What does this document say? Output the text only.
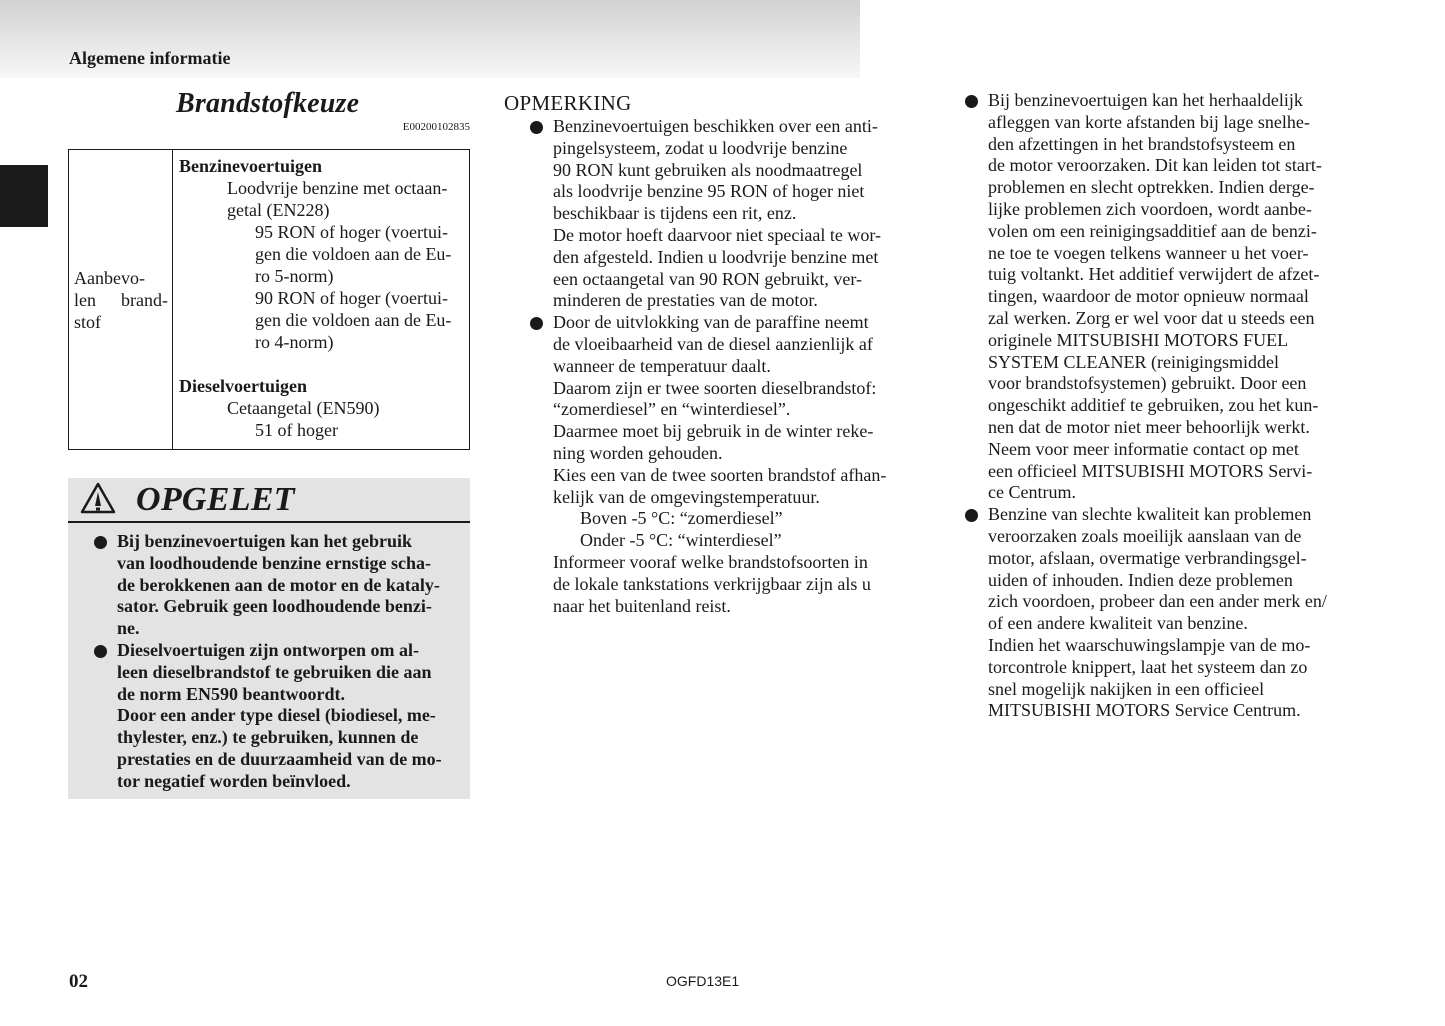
Algemene informatie
Brandstofkeuze
E00200102835
Aanbevo-
len brand-
stof
Benzinevoertuigen
Loodvrije benzine met octaan-
getal (EN228)
95 RON of hoger (voertui-
gen die voldoen aan de Eu-
ro 5-norm)
90 RON of hoger (voertui-
gen die voldoen aan de Eu-
ro 4-norm)
Dieselvoertuigen
Cetaangetal (EN590)
51 of hoger
OPGELET
Bij benzinevoertuigen kan het gebruik
van loodhoudende benzine ernstige scha-
de berokkenen aan de motor en de kataly-
sator. Gebruik geen loodhoudende benzi-
ne.
Dieselvoertuigen zijn ontworpen om al-
leen dieselbrandstof te gebruiken die aan
de norm EN590 beantwoordt.
Door een ander type diesel (biodiesel, me-
thylester, enz.) te gebruiken, kunnen de
prestaties en de duurzaamheid van de mo-
tor negatief worden beïnvloed.
OPMERKING
Benzinevoertuigen beschikken over een anti-
pingelsysteem, zodat u loodvrije benzine
90 RON kunt gebruiken als noodmaatregel
als loodvrije benzine 95 RON of hoger niet
beschikbaar is tijdens een rit, enz.
De motor hoeft daarvoor niet speciaal te wor-
den afgesteld. Indien u loodvrije benzine met
een octaangetal van 90 RON gebruikt, ver-
minderen de prestaties van de motor.
Door de uitvlokking van de paraffine neemt
de vloeibaarheid van de diesel aanzienlijk af
wanneer de temperatuur daalt.
Daarom zijn er twee soorten dieselbrandstof:
“zomerdiesel” en “winterdiesel”.
Daarmee moet bij gebruik in de winter reke-
ning worden gehouden.
Kies een van de twee soorten brandstof afhan-
kelijk van de omgevingstemperatuur.
Boven -5 °C: “zomerdiesel”
Onder -5 °C: “winterdiesel”
Informeer vooraf welke brandstofsoorten in
de lokale tankstations verkrijgbaar zijn als u
naar het buitenland reist.
Bij benzinevoertuigen kan het herhaaldelijk
afleggen van korte afstanden bij lage snelhe-
den afzettingen in het brandstofsysteem en
de motor veroorzaken. Dit kan leiden tot start-
problemen en slecht optrekken. Indien derge-
lijke problemen zich voordoen, wordt aanbe-
volen om een reinigingsadditief aan de benzi-
ne toe te voegen telkens wanneer u het voer-
tuig voltankt. Het additief verwijdert de afzet-
tingen, waardoor de motor opnieuw normaal
zal werken. Zorg er wel voor dat u steeds een
originele MITSUBISHI MOTORS FUEL
SYSTEM CLEANER (reinigingsmiddel
voor brandstofsystemen) gebruikt. Door een
ongeschikt additief te gebruiken, zou het kun-
nen dat de motor niet meer behoorlijk werkt.
Neem voor meer informatie contact op met
een officieel MITSUBISHI MOTORS Servi-
ce Centrum.
Benzine van slechte kwaliteit kan problemen
veroorzaken zoals moeilijk aanslaan van de
motor, afslaan, overmatige verbrandingsgel-
uiden of inhouden. Indien deze problemen
zich voordoen, probeer dan een ander merk en/
of een andere kwaliteit van benzine.
Indien het waarschuwingslampje van de mo-
torcontrole knippert, laat het systeem dan zo
snel mogelijk nakijken in een officieel
MITSUBISHI MOTORS Service Centrum.
02	OGFD13E1
